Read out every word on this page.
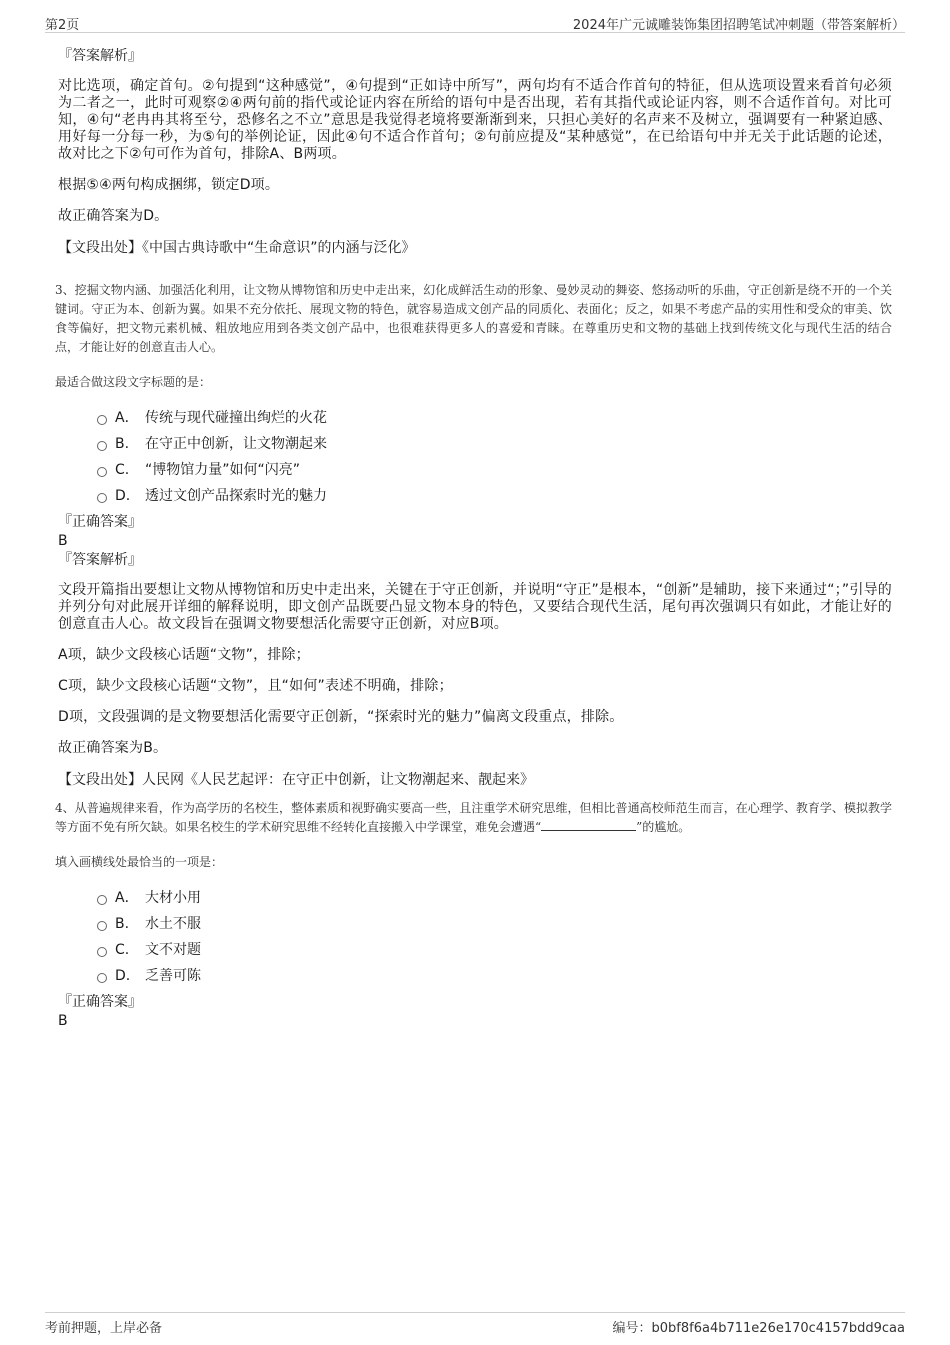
第2页	2024年广元诚雕装饰集团招聘笔试冲刺题（带答案解析）
『答案解析』
对比选项，确定首句。②句提到“这种感觉”，④句提到“正如诗中所写”，两句均有不适合作首句的特征，但从选项设置来看首句必须为二者之一，此时可观察②④两句前的指代或论证内容在所给的语句中是否出现，若有其指代或论证内容，则不合适作首句。对比可知，④句“老冉冉其将至兮，恐修名之不立”意思是我觉得老境将要渐渐到来，只担心美好的名声来不及树立，强调要有一种紧迫感、用好每一分每一秒，为⑤句的举例论证，因此④句不适合作首句；②句前应提及“某种感觉”，在已给语句中并无关于此话题的论述，故对比之下②句可作为首句，排除A、B两项。
根据⑤④两句构成捆绑，锁定D项。
故正确答案为D。
【文段出处】《中国古典诗歌中“生命意识”的内涵与泛化》
3、挖掘文物内涵、加强活化利用，让文物从博物馆和历史中走出来，幻化成鲜活生动的形象、曼妙灵动的舞姿、悠扬动听的乐曲，守正创新是绕不开的一个关键词。守正为本、创新为翼。如果不充分依托、展现文物的特色，就容易造成文创产品的同质化、表面化；反之，如果不考虑产品的实用性和受众的审美、饮食等偏好，把文物元素机械、粗放地应用到各类文创产品中，也很难获得更多人的喜爱和青睐。在尊重历史和文物的基础上找到传统文化与现代生活的结合点，才能让好的创意直击人心。
最适合做这段文字标题的是：
A． 传统与现代碰撞出绚烂的火花
B.	在守正中创新，让文物潮起来
C.	“博物馆力量”如何“闪亮”
D.	透过文创产品探索时光的魅力
『正确答案』
B
『答案解析』
文段开篇指出要想让文物从博物馆和历史中走出来，关键在于守正创新，并说明“守正”是根本，“创新”是辅助，接下来通过“；”引导的并列分句对此展开详细的解释说明，即文创产品既要凸显文物本身的特色，又要结合现代生活，尾句再次强调只有如此，才能让好的创意直击人心。故文段旨在强调文物要想活化需要守正创新，对应B项。
A项，缺少文段核心话题“文物”，排除；
C项，缺少文段核心话题“文物”，且“如何”表述不明确，排除；
D项，文段强调的是文物要想活化需要守正创新，“探索时光的魅力”偏离文段重点，排除。
故正确答案为B。
【文段出处】人民网《人民艺起评：在守正中创新，让文物潮起来、靓起来》
4、从普遍规律来看，作为高学历的名校生，整体素质和视野确实要高一些，且注重学术研究思维，但相比普通高校师范生而言，在心理学、教育学、模拟教学等方面不免有所欠缺。如果名校生的学术研究思维不经转化直接搬入中学课堂，难免会遭遇“	”的尴尬。
填入画横线处最恰当的一项是：
A． 大材小用
B.	水土不服
C.	文不对题
D.	乏善可陈
『正确答案』
B
考前押题，上岸必备	编号：b0bf8f6a4b711e26e170c4157bdd9caa
